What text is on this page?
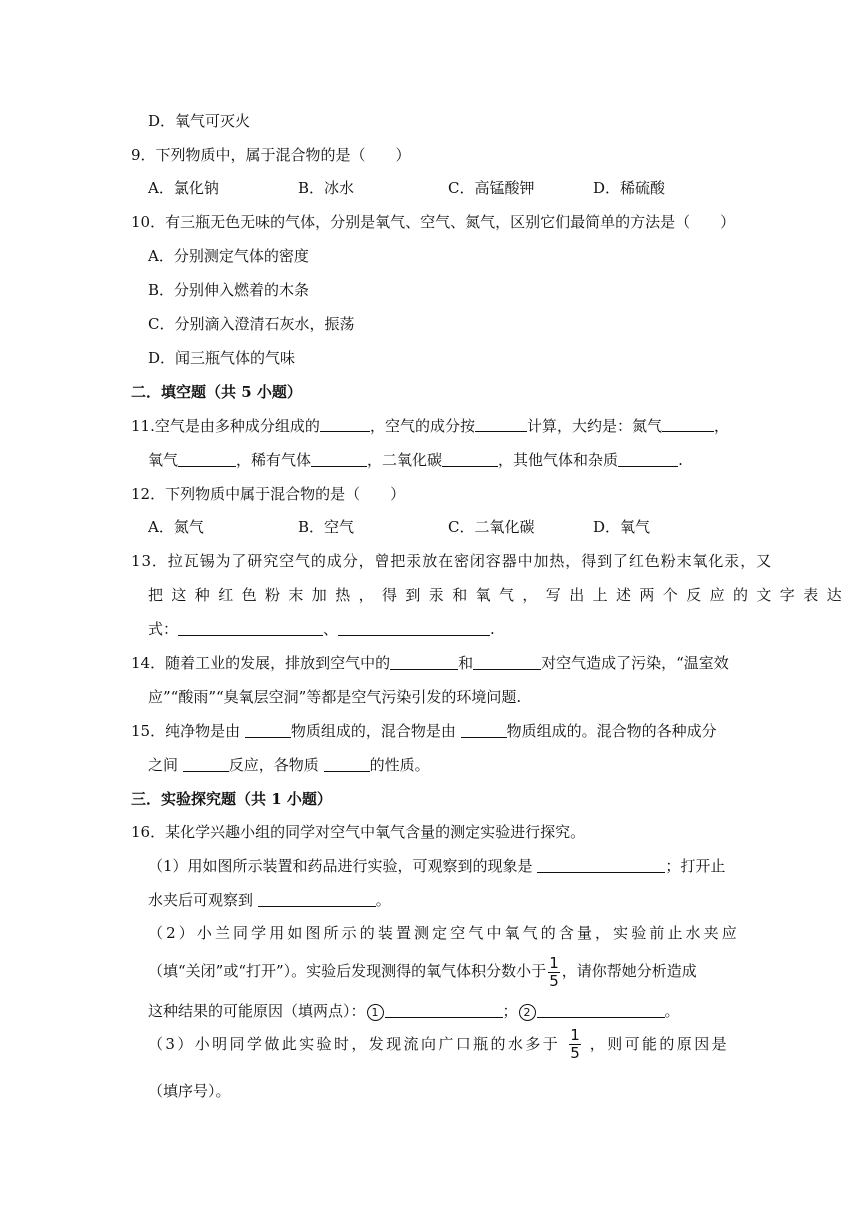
D．氧气可灭火
9．下列物质中，属于混合物的是（　　）
A．氯化钠	B．冰水	C．高锰酸钾	D．稀硫酸
10．有三瓶无色无味的气体，分别是氧气、空气、氮气，区别它们最简单的方法是（　　）
A．分别测定气体的密度
B．分别伸入燃着的木条
C．分别滴入澄清石灰水，振荡
D．闻三瓶气体的气味
二．填空题（共 5 小题）
11.空气是由多种成分组成的	，空气的成分按	计算，大约是：氮气	，
氧气	，稀有气体	，二氧化碳	，其他气体和杂质	.
12．下列物质中属于混合物的是（　　）
A．氮气	B．空气	C．二氧化碳	D．氧气
13．拉瓦锡为了研究空气的成分，曾把汞放在密闭容器中加热，得到了红色粉末氧化汞，又
把这种红色粉末加热，得到汞和氧气，写出上述两个反应的文字表达
式：	、	.
14．随着工业的发展，排放到空气中的	和	对空气造成了污染，“温室效
应”“酸雨”“臭氧层空洞”等都是空气污染引发的环境问题.
15．纯净物是由	物质组成的，混合物是由	物质组成的。混合物的各种成分
之间	反应，各物质	的性质。
三．实验探究题（共 1 小题）
16．某化学兴趣小组的同学对空气中氧气含量的测定实验进行探究。
（1）用如图所示装置和药品进行实验，可观察到的现象是	；打开止
水夹后可观察到	。
（2）小兰同学用如图所示的装置测定空气中氧气的含量，实验前止水夹应
（填“关闭”或“打开”）。实验后发现测得的氧气体积分数小于 $\frac{1}{5}$ ，请你帮她分析造成
这种结果的可能原因（填两点）： 1	； 2	。
（3）小明同学做此实验时，发现流向广口瓶的水多于 $\frac{1}{5}$ ，则可能的原因是
（填序号）。
